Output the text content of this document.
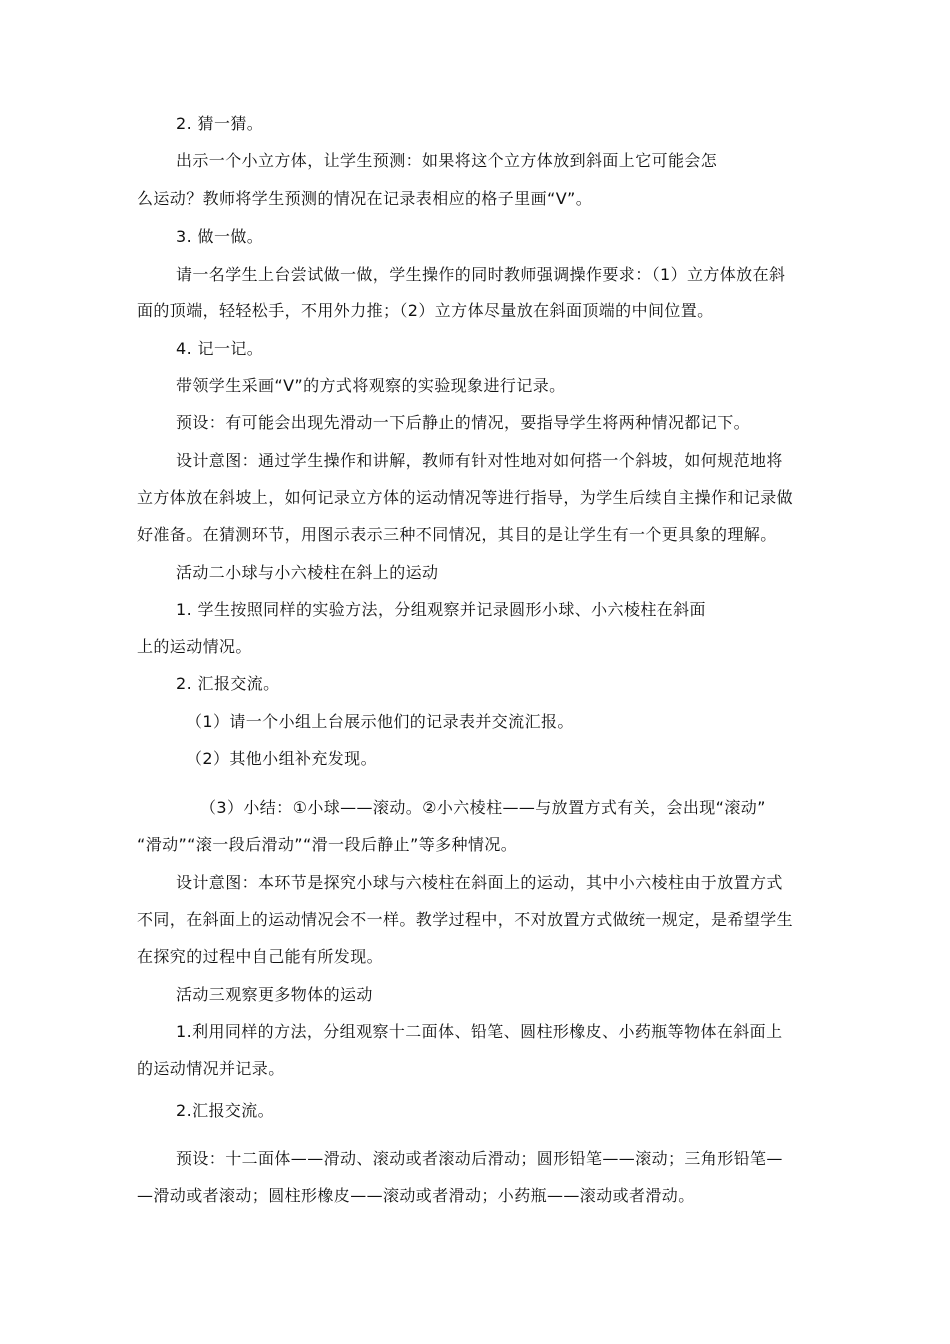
2. 猜一猜。
出示一个小立方体，让学生预测：如果将这个立方体放到斜面上它可能会怎
么运动？教师将学生预测的情况在记录表相应的格子里画“V”。
3. 做一做。
请一名学生上台尝试做一做，学生操作的同时教师强调操作要求：（1）立方体放在斜
面的顶端，轻轻松手，不用外力推；（2）立方体尽量放在斜面顶端的中间位置。
4. 记一记。
带领学生采画“V”的方式将观察的实验现象进行记录。
预设：有可能会出现先滑动一下后静止的情况，要指导学生将两种情况都记下。
设计意图：通过学生操作和讲解，教师有针对性地对如何搭一个斜坡，如何规范地将
立方体放在斜坡上，如何记录立方体的运动情况等进行指导，为学生后续自主操作和记录做
好准备。在猜测环节，用图示表示三种不同情况，其目的是让学生有一个更具象的理解。
活动二小球与小六棱柱在斜上的运动
1. 学生按照同样的实验方法，分组观察并记录圆形小球、小六棱柱在斜面
上的运动情况。
2. 汇报交流。
（1）请一个小组上台展示他们的记录表并交流汇报。
（2）其他小组补充发现。
（3）小结：①小球——滚动。②小六棱柱——与放置方式有关，会出现“滚动”
“滑动”“滚一段后滑动”“滑一段后静止”等多种情况。
设计意图：本环节是探究小球与六棱柱在斜面上的运动，其中小六棱柱由于放置方式
不同，在斜面上的运动情况会不一样。教学过程中，不对放置方式做统一规定，是希望学生
在探究的过程中自己能有所发现。
活动三观察更多物体的运动
1.利用同样的方法，分组观察十二面体、铅笔、圆柱形橡皮、小药瓶等物体在斜面上
的运动情况并记录。
2.汇报交流。
预设：十二面体——滑动、滚动或者滚动后滑动；圆形铅笔——滚动；三角形铅笔—
—滑动或者滚动；圆柱形橡皮——滚动或者滑动；小药瓶——滚动或者滑动。
